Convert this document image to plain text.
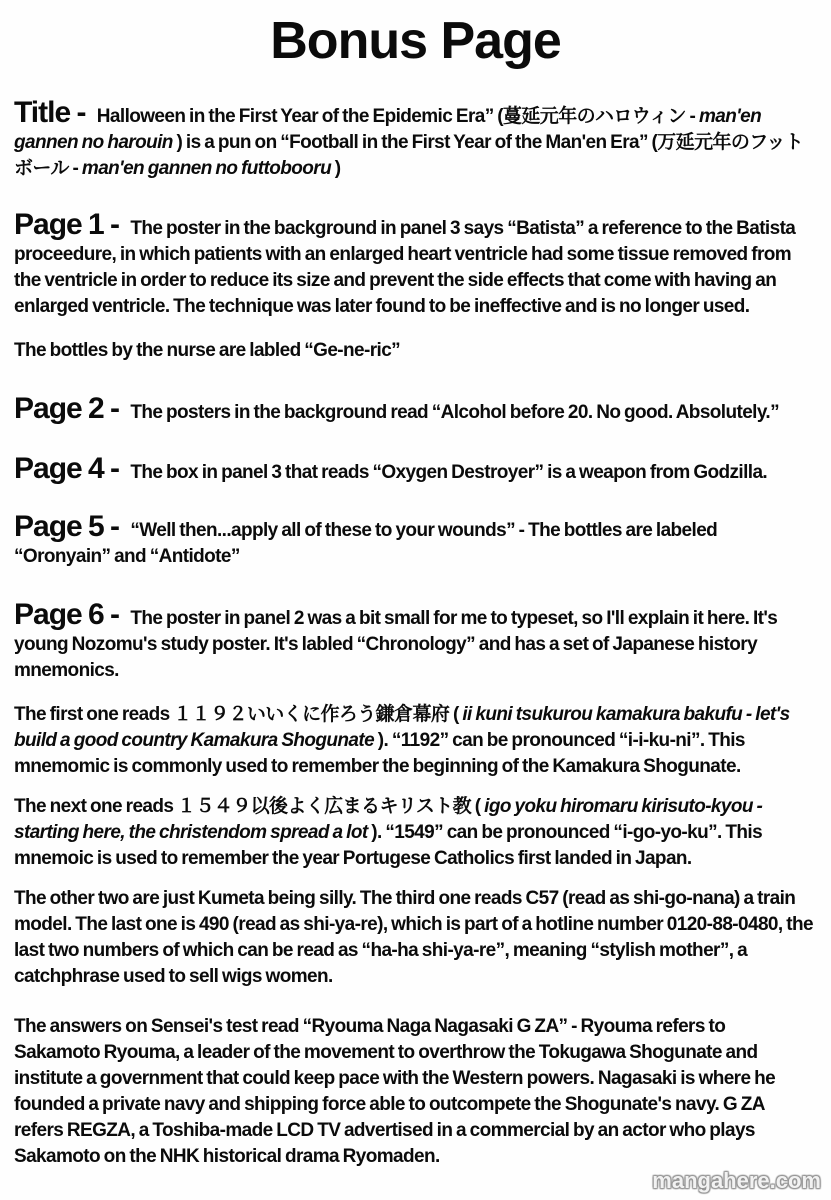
Bonus Page

Title - Halloween in the First Year of the Epidemic Era” (蔓延元年のハロウィン - man'en gannen no harouin ) is a pun on “Football in the First Year of the Man'en Era” (万延元年のフットボール - man'en gannen no futtobooru )

Page 1 - The poster in the background in panel 3 says “Batista” a reference to the Batista proceedure, in which patients with an enlarged heart ventricle had some tissue removed from the ventricle in order to reduce its size and prevent the side effects that come with having an enlarged ventricle. The technique was later found to be ineffective and is no longer used.

The bottles by the nurse are labled “Ge-ne-ric”

Page 2 - The posters in the background read “Alcohol before 20. No good. Absolutely.”

Page 4 - The box in panel 3 that reads “Oxygen Destroyer” is a weapon from Godzilla.

Page 5 - “Well then...apply all of these to your wounds” - The bottles are labeled “Oronyain” and “Antidote”

Page 6 - The poster in panel 2 was a bit small for me to typeset, so I'll explain it here. It's young Nozomu's study poster. It's labled “Chronology” and has a set of Japanese history mnemonics.

The first one reads １１９２いいくに作ろう鎌倉幕府 ( ii kuni tsukurou kamakura bakufu - let's build a good country Kamakura Shogunate ). “1192” can be pronounced “i-i-ku-ni”. This mnemomic is commonly used to remember the beginning of the Kamakura Shogunate.

The next one reads １５４９以後よく広まるキリスト教 ( igo yoku hiromaru kirisuto-kyou - starting here, the christendom spread a lot ). “1549” can be pronounced “i-go-yo-ku”. This mnemoic is used to remember the year Portugese Catholics first landed in Japan.

The other two are just Kumeta being silly. The third one reads C57 (read as shi-go-nana) a train model. The last one is 490 (read as shi-ya-re), which is part of a hotline number 0120-88-0480, the last two numbers of which can be read as “ha-ha shi-ya-re”, meaning “stylish mother”, a catchphrase used to sell wigs women.

The answers on Sensei's test read “Ryouma Naga Nagasaki G ZA” - Ryouma refers to Sakamoto Ryouma, a leader of the movement to overthrow the Tokugawa Shogunate and institute a government that could keep pace with the Western powers. Nagasaki is where he founded a private navy and shipping force able to outcompete the Shogunate's navy. G ZA refers REGZA, a Toshiba-made LCD TV advertised in a commercial by an actor who plays Sakamoto on the NHK historical drama Ryomaden.

mangahere.com
